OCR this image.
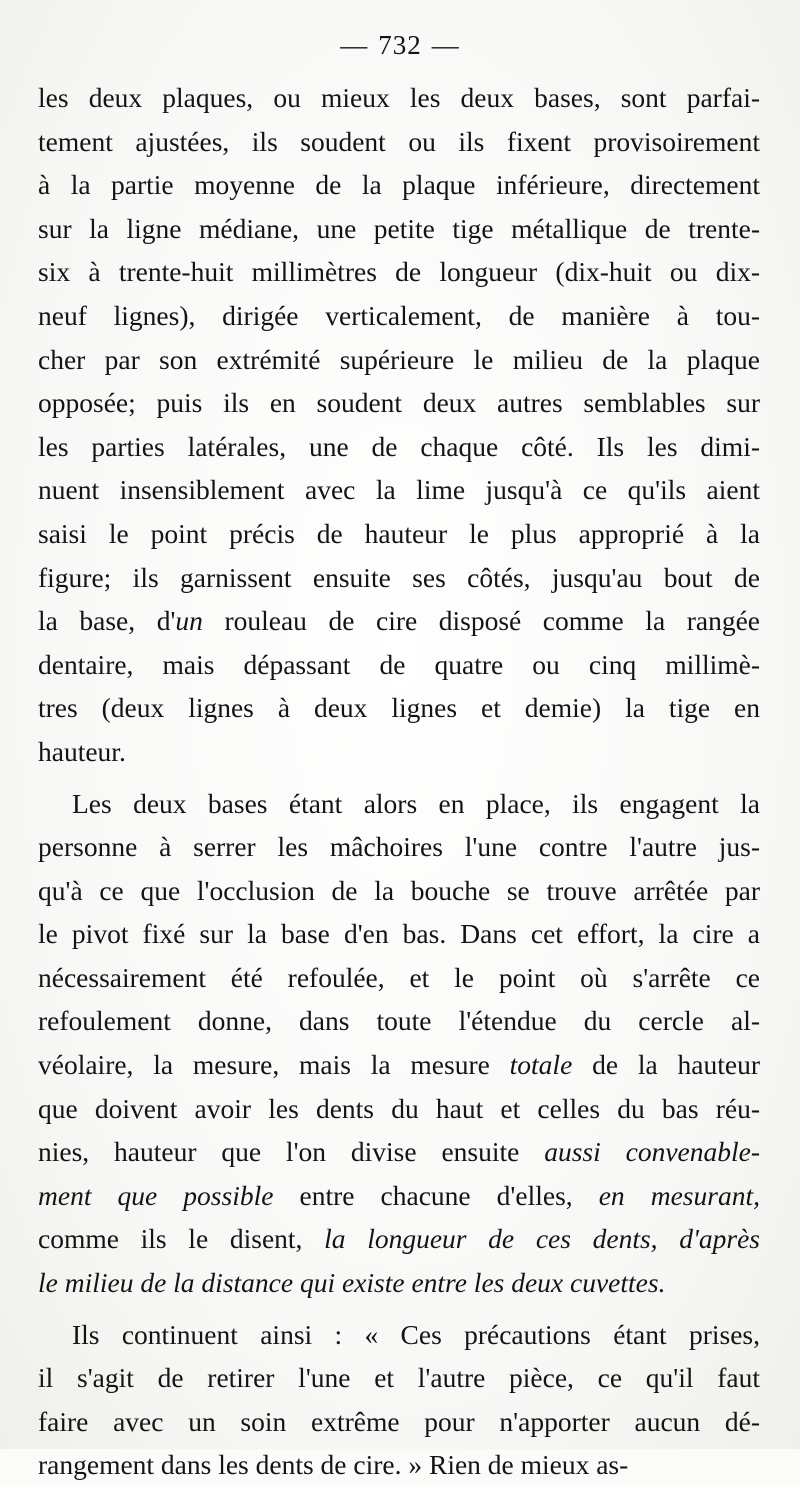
— 732 —
les deux plaques, ou mieux les deux bases, sont parfai-
tement ajustées, ils soudent ou ils fixent provisoirement
à la partie moyenne de la plaque inférieure, directement
sur la ligne médiane, une petite tige métallique de trente-
six à trente-huit millimètres de longueur (dix-huit ou dix-
neuf lignes), dirigée verticalement, de manière à tou-
cher par son extrémité supérieure le milieu de la plaque
opposée; puis ils en soudent deux autres semblables sur
les parties latérales, une de chaque côté. Ils les dimi-
nuent insensiblement avec la lime jusqu'à ce qu'ils aient
saisi le point précis de hauteur le plus approprié à la
figure; ils garnissent ensuite ses côtés, jusqu'au bout de
la base, d'un rouleau de cire disposé comme la rangée
dentaire, mais dépassant de quatre ou cinq millimè-
tres (deux lignes à deux lignes et demie) la tige en
hauteur.
Les deux bases étant alors en place, ils engagent la
personne à serrer les mâchoires l'une contre l'autre jus-
qu'à ce que l'occlusion de la bouche se trouve arrêtée par
le pivot fixé sur la base d'en bas. Dans cet effort, la cire a
nécessairement été refoulée, et le point où s'arrête ce
refoulement donne, dans toute l'étendue du cercle al-
véolaire, la mesure, mais la mesure totale de la hauteur
que doivent avoir les dents du haut et celles du bas réu-
nies, hauteur que l'on divise ensuite aussi convenable-
ment que possible entre chacune d'elles, en mesurant,
comme ils le disent, la longueur de ces dents, d'après
le milieu de la distance qui existe entre les deux cuvettes.
Ils continuent ainsi : « Ces précautions étant prises,
il s'agit de retirer l'une et l'autre pièce, ce qu'il faut
faire avec un soin extrême pour n'apporter aucun dé-
rangement dans les dents de cire. » Rien de mieux as-
